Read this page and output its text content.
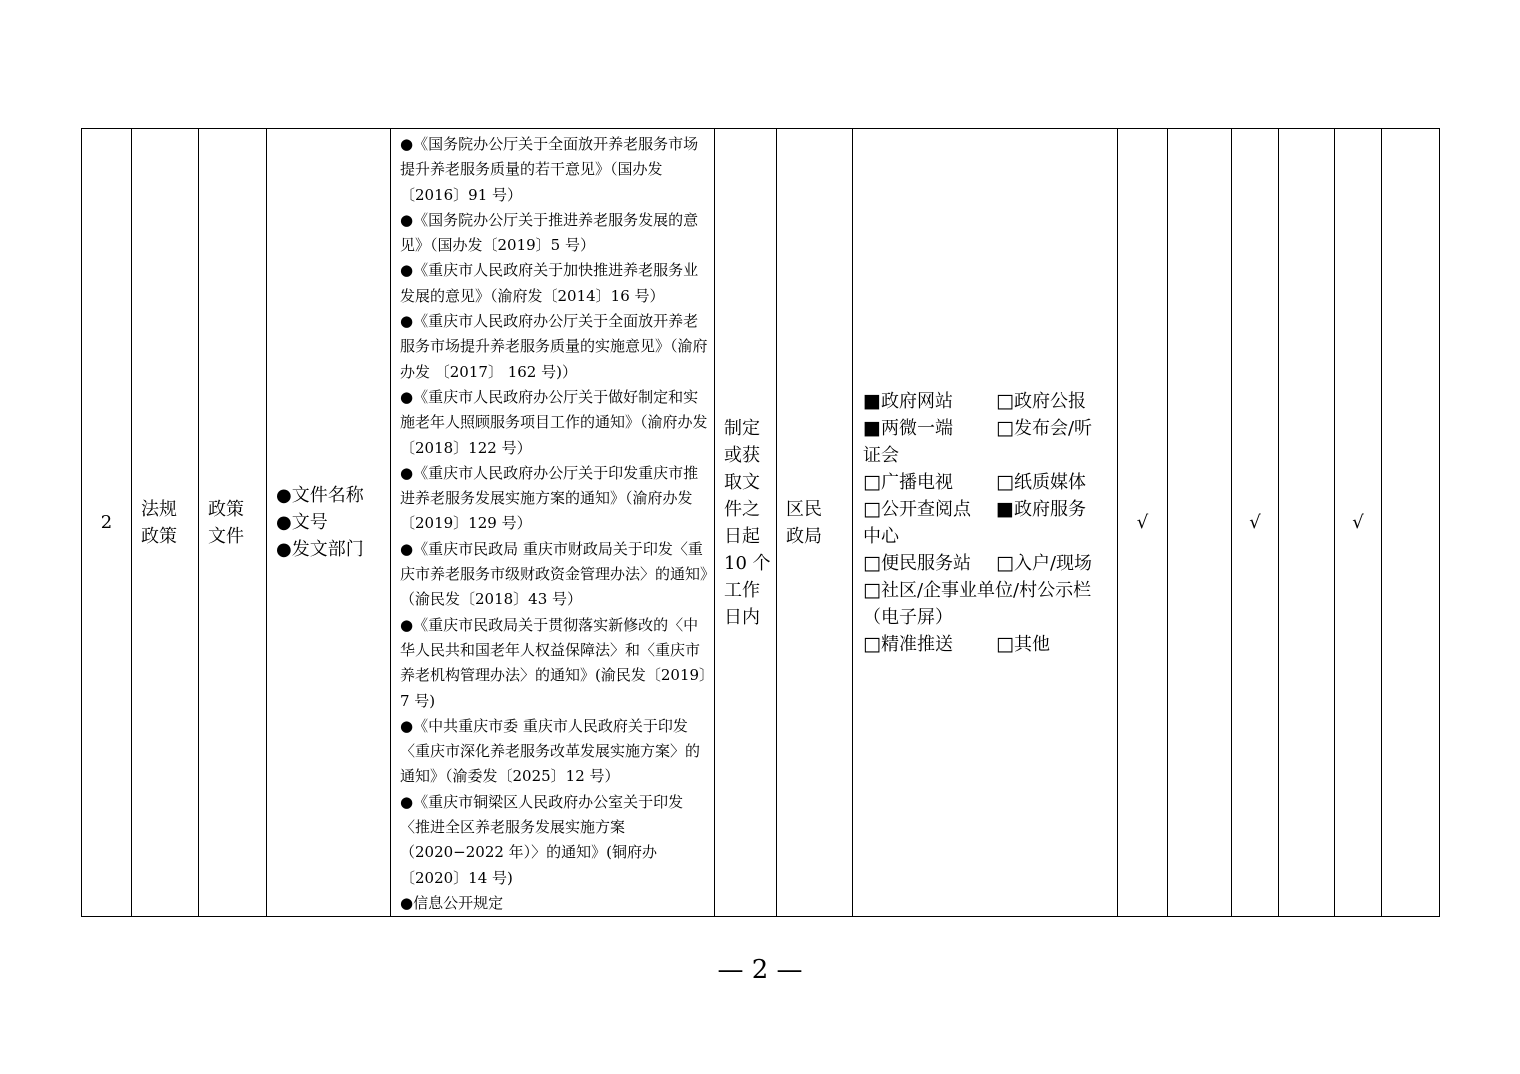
2	
法规
政策

政策
文件

●文件名称
●文号
●发文部门

●《国务院办公厅关于全面放开养老服务市场提升养老服务质量的若干意见》（国办发〔2016〕91 号）
●《国务院办公厅关于推进养老服务发展的意见》（国办发〔2019〕5 号）
●《重庆市人民政府关于加快推进养老服务业发展的意见》（渝府发〔2014〕16 号）
●《重庆市人民政府办公厅关于全面放开养老服务市场提升养老服务质量的实施意见》（渝府办发 〔2017〕 162 号)）
●《重庆市人民政府办公厅关于做好制定和实施老年人照顾服务项目工作的通知》（渝府办发〔2018〕122 号）
●《重庆市人民政府办公厅关于印发重庆市推进养老服务发展实施方案的通知》（渝府办发〔2019〕129 号）
●《重庆市民政局 重庆市财政局关于印发〈重庆市养老服务市级财政资金管理办法〉的通知》（渝民发〔2018〕43 号）
●《重庆市民政局关于贯彻落实新修改的〈中华人民共和国老年人权益保障法〉和〈重庆市养老机构管理办法〉的通知》(渝民发〔2019〕7 号)
●《中共重庆市委 重庆市人民政府关于印发 〈重庆市深化养老服务改革发展实施方案〉的通知》（渝委发〔2025〕12 号）
●《重庆市铜梁区人民政府办公室关于印发〈推进全区养老服务发展实施方案（2020−2022 年）〉的通知》(铜府办〔2020〕14 号)
●信息公开规定

制定
或获
取文
件之
日起
10 个
工作
日内

区民
政局

■政府网站	□政府公报
■两微一端	□发布会/听
证会
□广播电视	□纸质媒体
□公开查阅点	■政府服务
中心
□便民服务站	□入户/现场
□社区/企事业单位/村公示栏
（电子屏）
□精准推送	□其他
	√		√		√	
— 2 —
